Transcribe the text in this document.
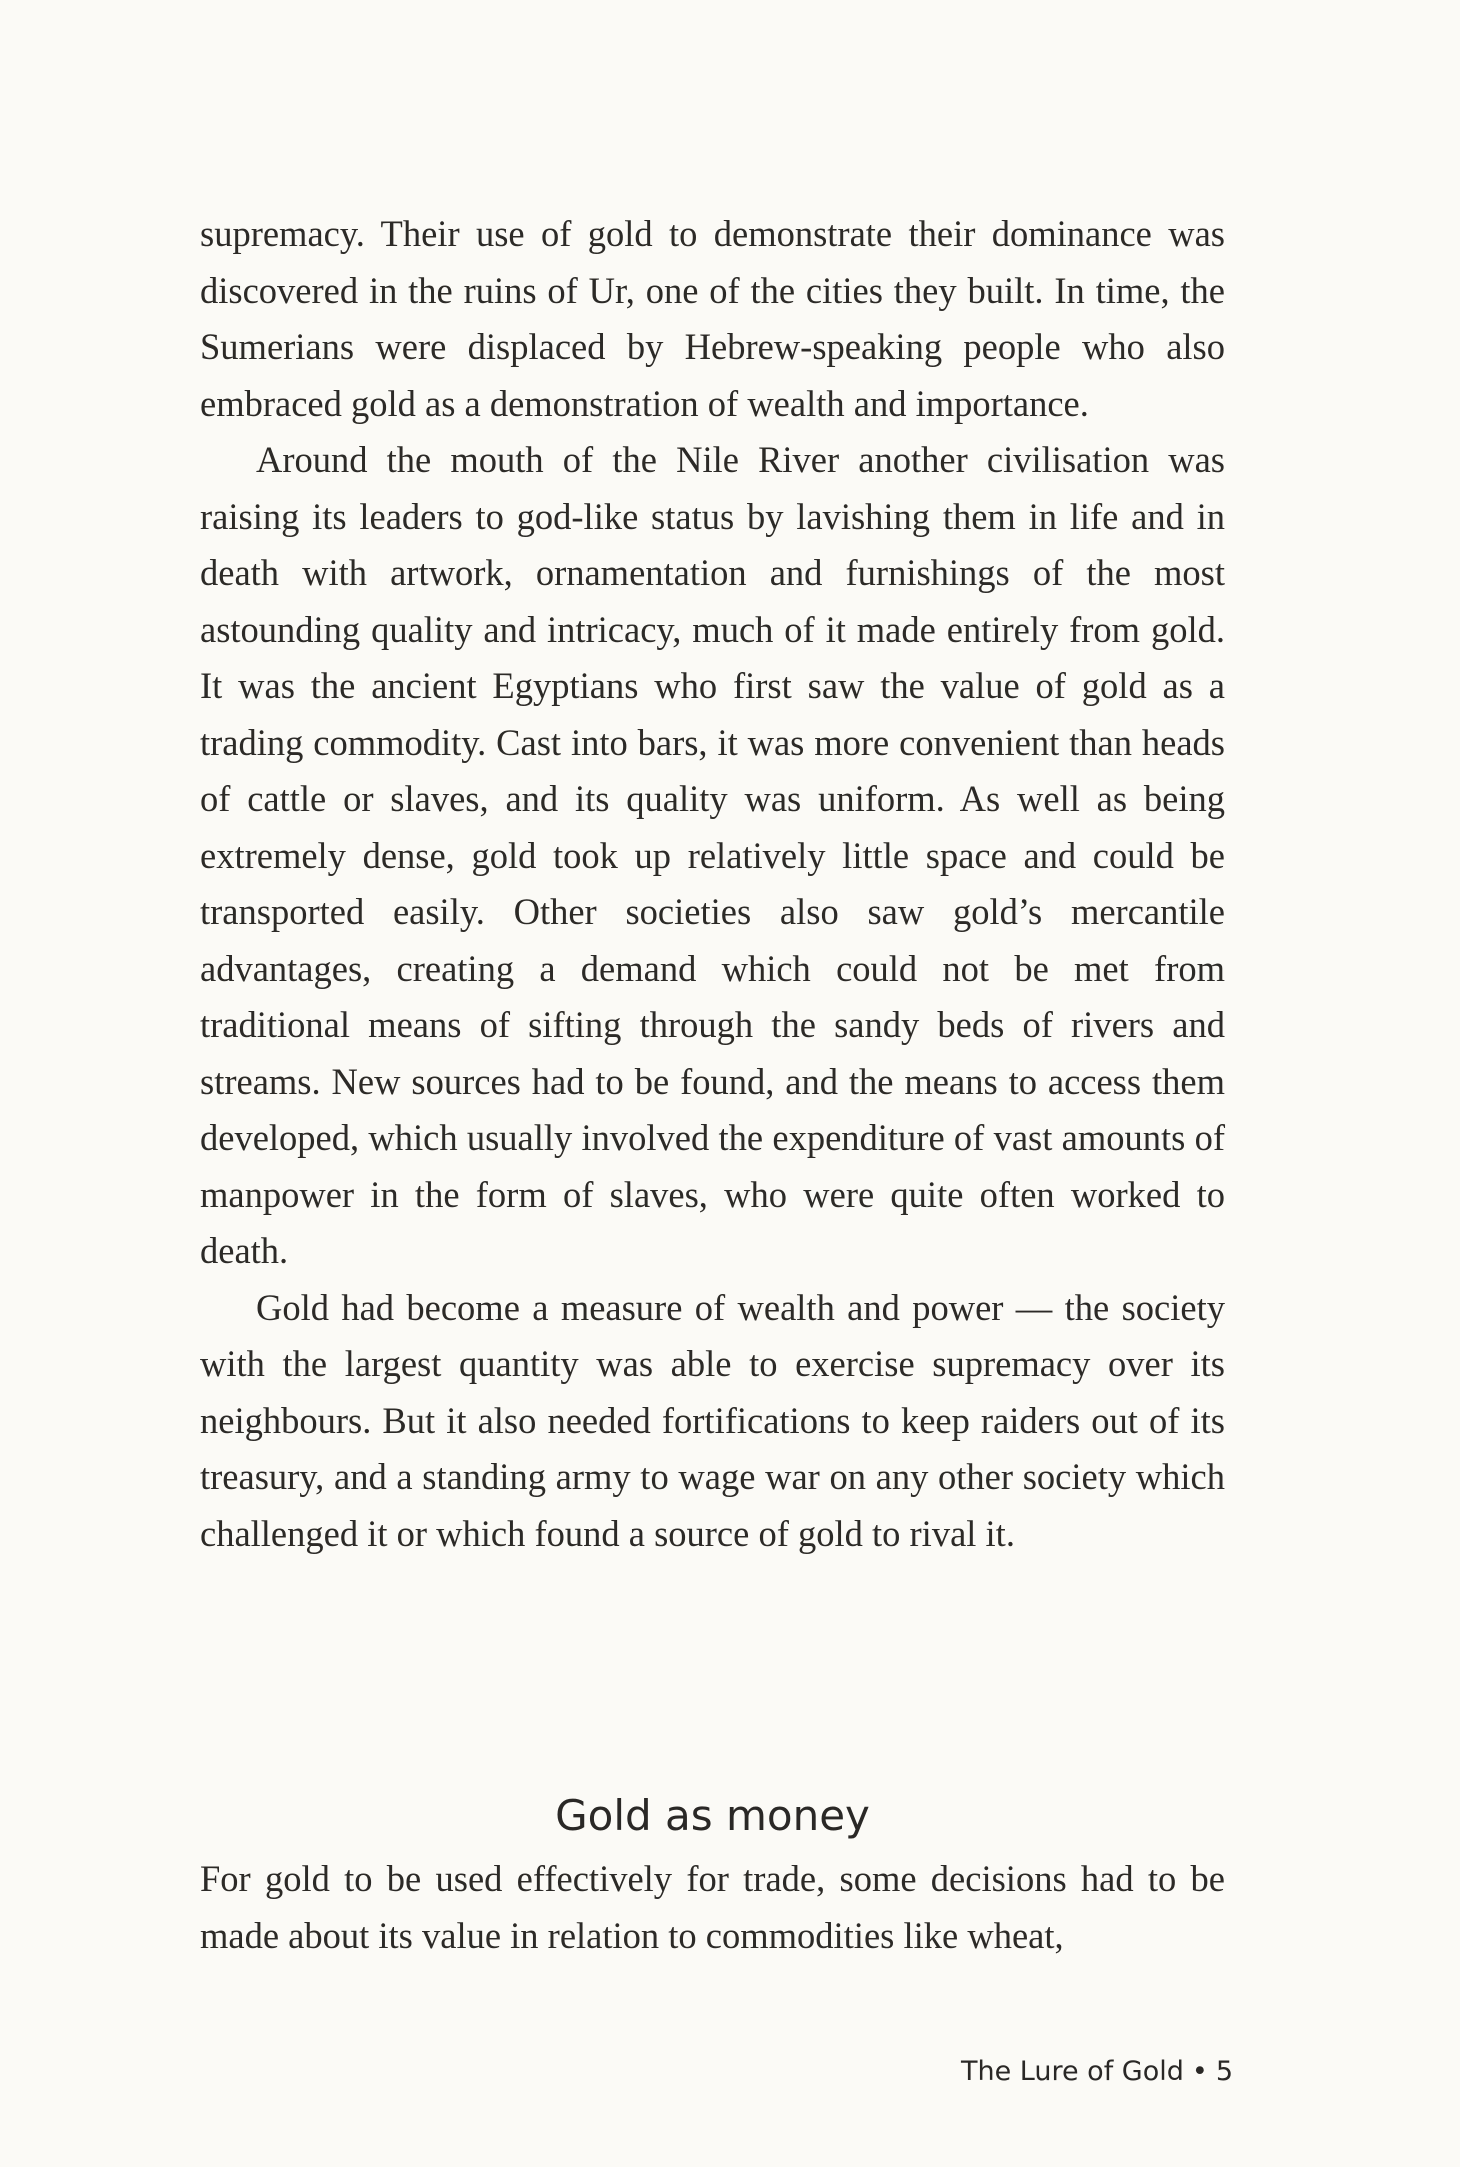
supremacy. Their use of gold to demonstrate their dominance was discovered in the ruins of Ur, one of the cities they built. In time, the Sumerians were displaced by Hebrew-speaking people who also embraced gold as a demonstration of wealth and importance.

Around the mouth of the Nile River another civilisation was raising its leaders to god-like status by lavishing them in life and in death with artwork, ornamentation and furnishings of the most astounding quality and intricacy, much of it made entirely from gold. It was the ancient Egyptians who first saw the value of gold as a trading commodity. Cast into bars, it was more convenient than heads of cattle or slaves, and its quality was uniform. As well as being extremely dense, gold took up relatively little space and could be transported easily. Other societies also saw gold’s mercantile advantages, creating a demand which could not be met from traditional means of sifting through the sandy beds of rivers and streams. New sources had to be found, and the means to access them developed, which usually involved the expenditure of vast amounts of manpower in the form of slaves, who were quite often worked to death.

Gold had become a measure of wealth and power — the society with the largest quantity was able to exercise supremacy over its neighbours. But it also needed fortifications to keep raiders out of its treasury, and a standing army to wage war on any other society which challenged it or which found a source of gold to rival it.

Gold as money

For gold to be used effectively for trade, some decisions had to be made about its value in relation to commodities like wheat,

The Lure of Gold • 5
